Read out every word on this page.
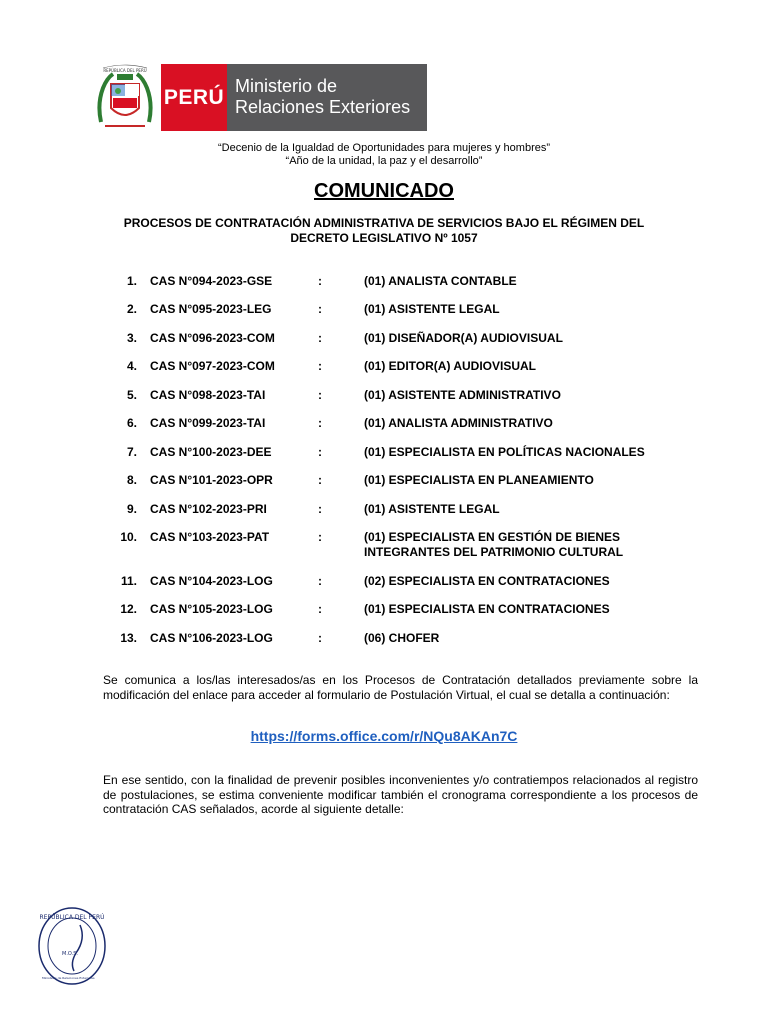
REPÚBLICA DEL PERÚ
PERÚ Ministerio de
Relaciones Exteriores
“Decenio de la Igualdad de Oportunidades para mujeres y hombres”
“Año de la unidad, la paz y el desarrollo”
COMUNICADO
PROCESOS DE CONTRATACIÓN ADMINISTRATIVA DE SERVICIOS BAJO EL RÉGIMEN DEL DECRETO LEGISLATIVO Nº 1057
1. CAS N°094-2023-GSE	:	(01) ANALISTA CONTABLE
2. CAS N°095-2023-LEG	:	(01) ASISTENTE LEGAL
3. CAS N°096-2023-COM	:	(01) DISEÑADOR(A) AUDIOVISUAL
4. CAS N°097-2023-COM	:	(01) EDITOR(A) AUDIOVISUAL
5. CAS N°098-2023-TAI	:	(01) ASISTENTE ADMINISTRATIVO
6. CAS N°099-2023-TAI	:	(01) ANALISTA ADMINISTRATIVO
7. CAS N°100-2023-DEE	:	(01) ESPECIALISTA EN POLÍTICAS NACIONALES
8. CAS N°101-2023-OPR	:	(01) ESPECIALISTA EN PLANEAMIENTO
9. CAS N°102-2023-PRI	:	(01) ASISTENTE LEGAL
10. CAS N°103-2023-PAT	:	(01) ESPECIALISTA EN GESTIÓN DE BIENES INTEGRANTES DEL PATRIMONIO CULTURAL
11. CAS N°104-2023-LOG	:	(02) ESPECIALISTA EN CONTRATACIONES
12. CAS N°105-2023-LOG	:	(01) ESPECIALISTA EN CONTRATACIONES
13. CAS N°106-2023-LOG	:	(06) CHOFER
Se comunica a los/las interesados/as en los Procesos de Contratación detallados previamente sobre la modificación del enlace para acceder al formulario de Postulación Virtual, el cual se detalla a continuación:
https://forms.office.com/r/NQu8AKAn7C
En ese sentido, con la finalidad de prevenir posibles inconvenientes y/o contratiempos relacionados al registro de postulaciones, se estima conveniente modificar también el cronograma correspondiente a los procesos de contratación CAS señalados, acorde al siguiente detalle:
REPÚBLICA DEL PERÚ
M.O.S.
Ministerio de Relaciones Exteriores
